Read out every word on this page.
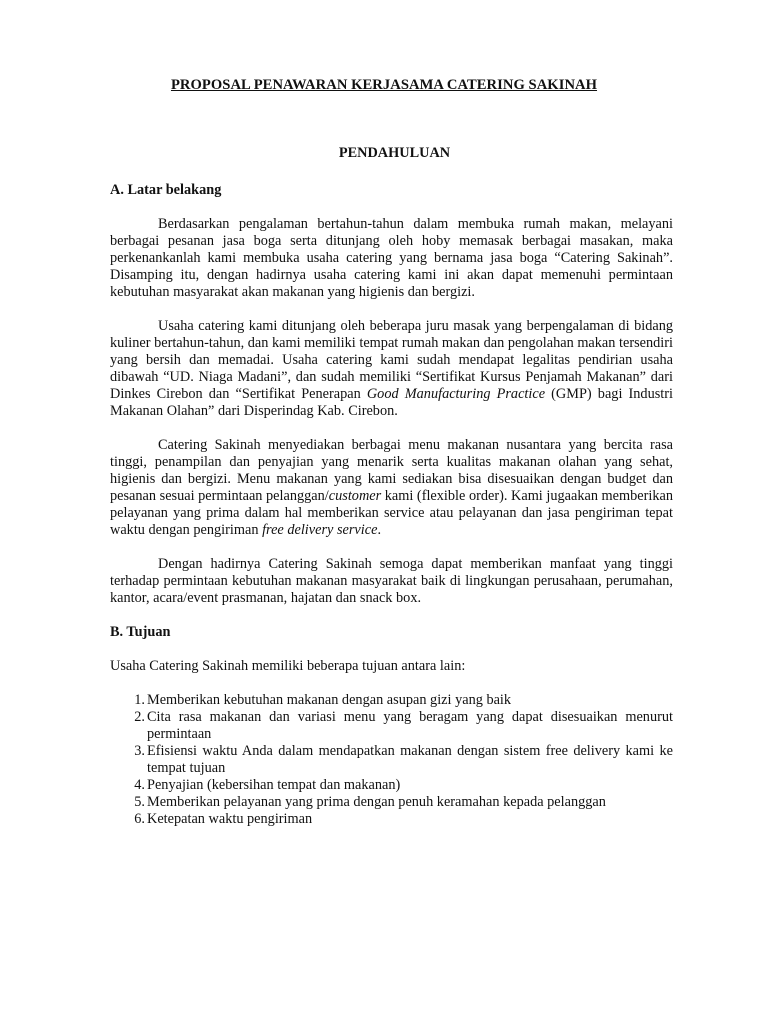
PROPOSAL PENAWARAN KERJASAMA CATERING SAKINAH
PENDAHULUAN
A. Latar belakang

Berdasarkan pengalaman bertahun-tahun dalam membuka rumah makan, melayani berbagai pesanan jasa boga serta ditunjang oleh hoby memasak berbagai masakan, maka perkenankanlah kami membuka usaha catering yang bernama jasa boga “Catering Sakinah”. Disamping itu, dengan hadirnya usaha catering kami ini akan dapat memenuhi permintaan kebutuhan masyarakat akan makanan yang higienis dan bergizi.

Usaha catering kami ditunjang oleh beberapa juru masak yang berpengalaman di bidang kuliner bertahun-tahun, dan kami memiliki tempat rumah makan dan pengolahan makan tersendiri yang bersih dan memadai. Usaha catering kami sudah mendapat legalitas pendirian usaha dibawah “UD. Niaga Madani”, dan sudah memiliki “Sertifikat Kursus Penjamah Makanan” dari Dinkes Cirebon dan “Sertifikat Penerapan Good Manufacturing Practice (GMP) bagi Industri Makanan Olahan” dari Disperindag Kab. Cirebon.

Catering Sakinah menyediakan berbagai menu makanan nusantara yang bercita rasa tinggi, penampilan dan penyajian yang menarik serta kualitas makanan olahan yang sehat, higienis dan bergizi. Menu makanan yang kami sediakan bisa disesuaikan dengan budget dan pesanan sesuai permintaan pelanggan/customer kami (flexible order). Kami jugaakan memberikan pelayanan yang prima dalam hal memberikan service atau pelayanan dan jasa pengiriman tepat waktu dengan pengiriman free delivery service.

Dengan hadirnya Catering Sakinah semoga dapat memberikan manfaat yang tinggi terhadap permintaan kebutuhan makanan masyarakat baik di lingkungan perusahaan, perumahan, kantor, acara/event prasmanan, hajatan dan snack box.

B. Tujuan

Usaha Catering Sakinah memiliki beberapa tujuan antara lain:

1. Memberikan kebutuhan makanan dengan asupan gizi yang baik
2. Cita rasa makanan dan variasi menu yang beragam yang dapat disesuaikan menurut permintaan
3. Efisiensi waktu Anda dalam mendapatkan makanan dengan sistem free delivery kami ke tempat tujuan
4. Penyajian (kebersihan tempat dan makanan)
5. Memberikan pelayanan yang prima dengan penuh keramahan kepada pelanggan
6. Ketepatan waktu pengiriman
